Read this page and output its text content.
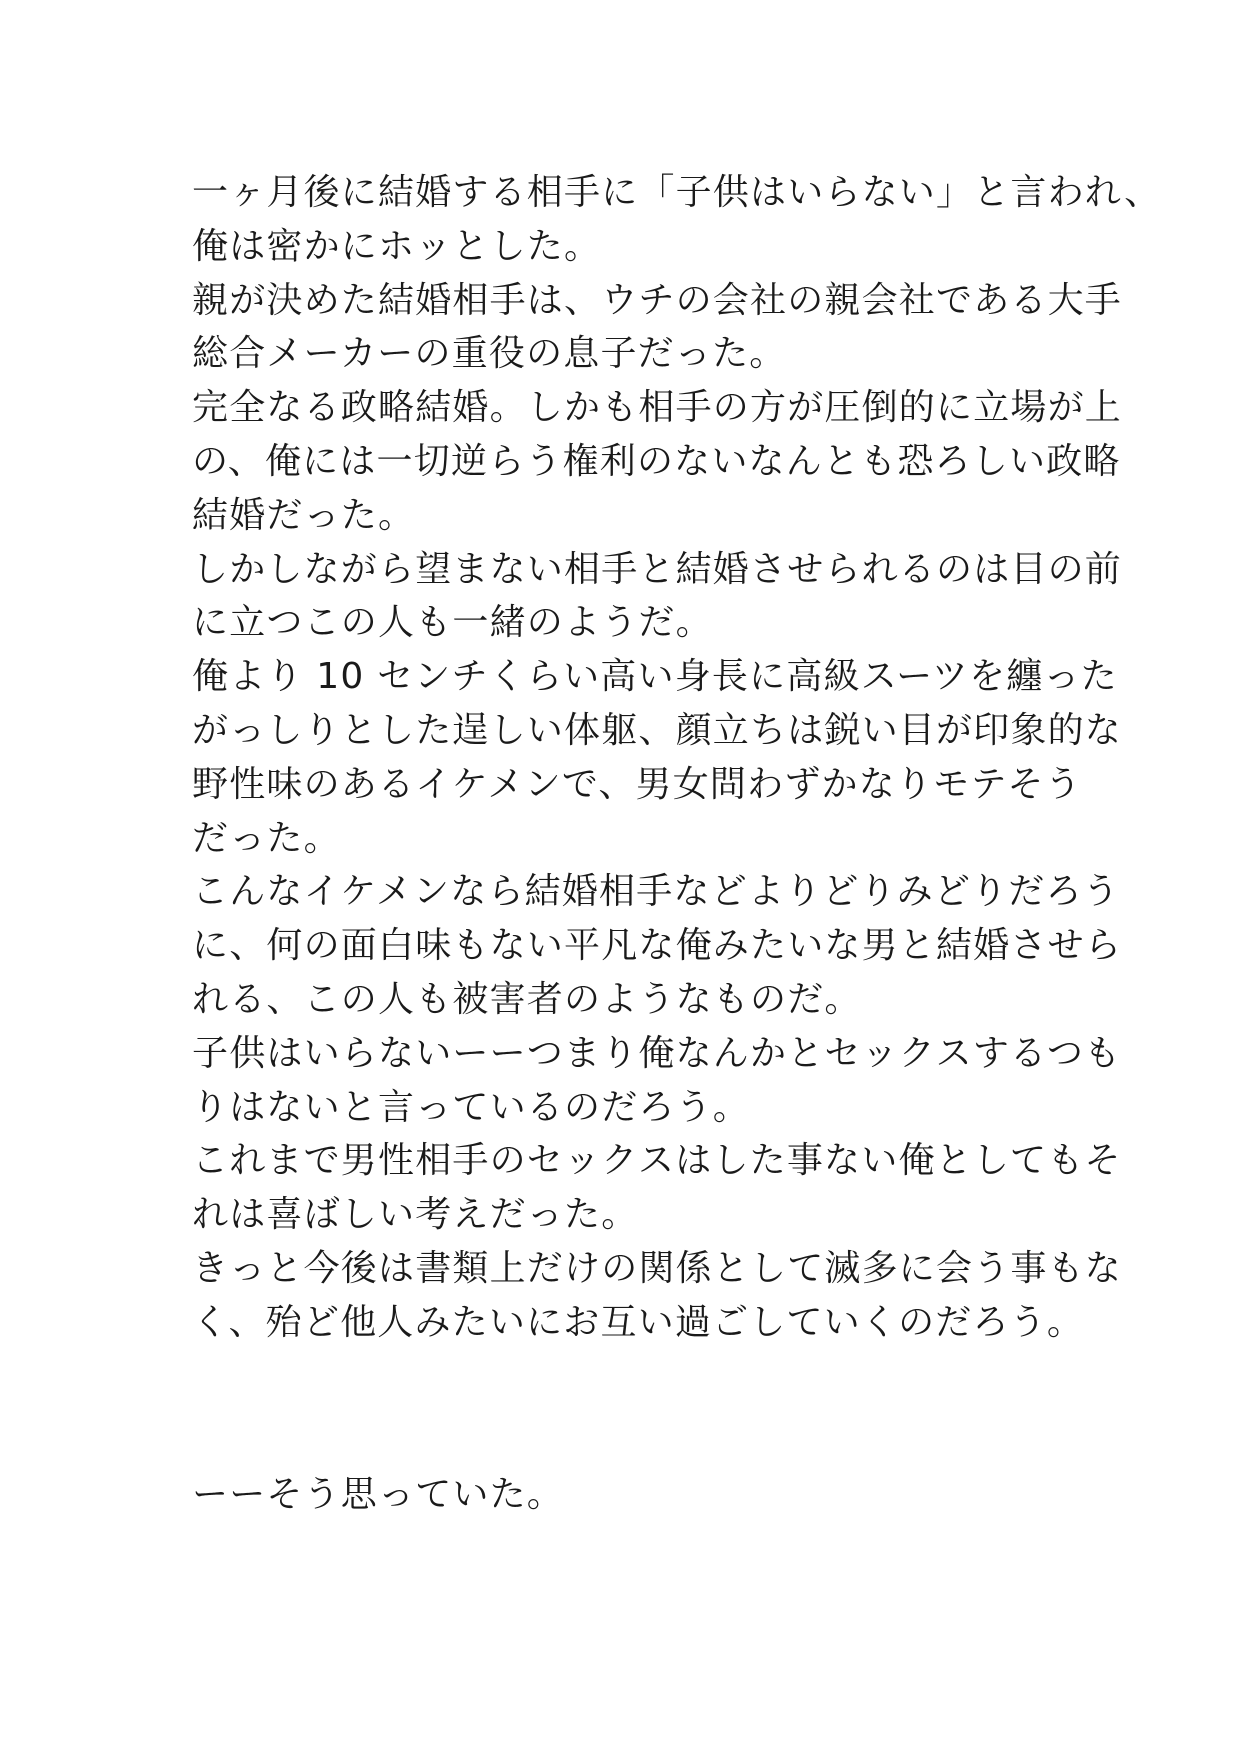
一ヶ月後に結婚する相手に「子供はいらない」と言われ、
俺は密かにホッとした。
親が決めた結婚相手は、ウチの会社の親会社である大手
総合メーカーの重役の息子だった。
完全なる政略結婚。しかも相手の方が圧倒的に立場が上
の、俺には一切逆らう権利のないなんとも恐ろしい政略
結婚だった。
しかしながら望まない相手と結婚させられるのは目の前
に立つこの人も一緒のようだ。
俺より 10 センチくらい高い身長に高級スーツを纏った
がっしりとした逞しい体躯、顔立ちは鋭い目が印象的な
野性味のあるイケメンで、男女問わずかなりモテそう
だった。
こんなイケメンなら結婚相手などよりどりみどりだろう
に、何の面白味もない平凡な俺みたいな男と結婚させら
れる、この人も被害者のようなものだ。
子供はいらないーーつまり俺なんかとセックスするつも
りはないと言っているのだろう。
これまで男性相手のセックスはした事ない俺としてもそ
れは喜ばしい考えだった。
きっと今後は書類上だけの関係として滅多に会う事もな
く、殆ど他人みたいにお互い過ごしていくのだろう。
ーーそう思っていた。
